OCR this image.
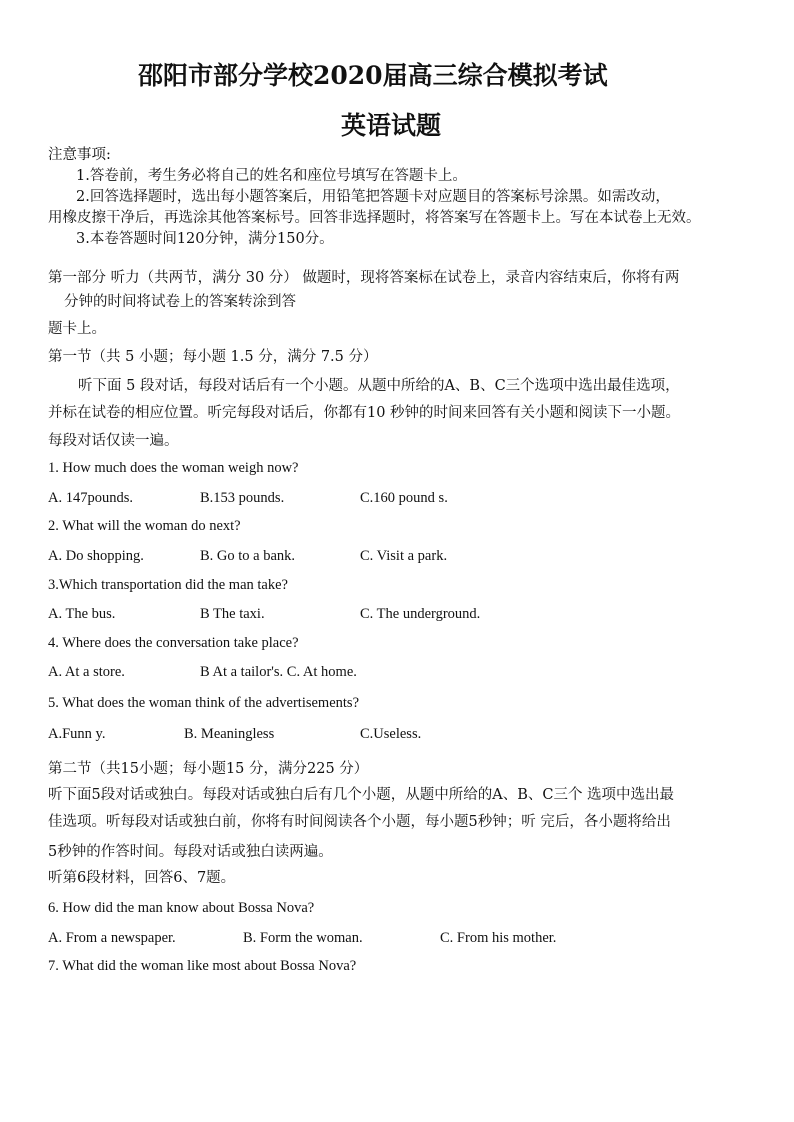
邵阳市部分学校2020届高三综合模拟考试
英语试题
注意事项:
1.答卷前，考生务必将自己的姓名和座位号填写在答题卡上。
2.回答选择题时，选出每小题答案后，用铅笔把答题卡对应题目的答案标号涂黑。如需改动，
用橡皮擦干净后，再选涂其他答案标号。回答非选择题时，将答案写在答题卡上。写在本试卷上无效。
3.本卷答题时间120分钟，满分150分。
第一部分 听力（共两节，满分 30 分） 做题时，现将答案标在试卷上，录音内容结束后，你将有两
分钟的时间将试卷上的答案转涂到答
题卡上。
第一节（共 5 小题；每小题 1.5 分，满分 7.5 分）
听下面 5 段对话，每段对话后有一个小题。从题中所给的A、B、C三个选项中选出最佳选项，
并标在试卷的相应位置。听完每段对话后，你都有10 秒钟的时间来回答有关小题和阅读下一小题。
每段对话仅读一遍。
1. How much does the woman weigh now?
A. 147pounds.	B.153 pounds.	C.160 pound s.
2. What will the woman do next?
A. Do shopping.	B. Go to a bank.	C. Visit a park.
3.Which transportation did the man take?
A. The bus.	B The taxi.	C. The underground.
4. Where does the conversation take place?
A. At a store.	B At a tailor's. C. At home.
5. What does the woman think of the advertisements?
A.Funn y.	B. Meaningless	C.Useless.
第二节（共15小题；每小题15 分，满分225 分）
听下面5段对话或独白。每段对话或独白后有几个小题，从题中所给的A、B、C三个 选项中选出最
佳选项。听每段对话或独白前，你将有时间阅读各个小题，每小题5秒钟；听 完后，各小题将给出
5秒钟的作答时间。每段对话或独白读两遍。
听第6段材料，回答6、7题。
6. How did the man know about Bossa Nova?
A. From a newspaper.	B. Form the woman.	C. From his mother.
7. What did the woman like most about Bossa Nova?
